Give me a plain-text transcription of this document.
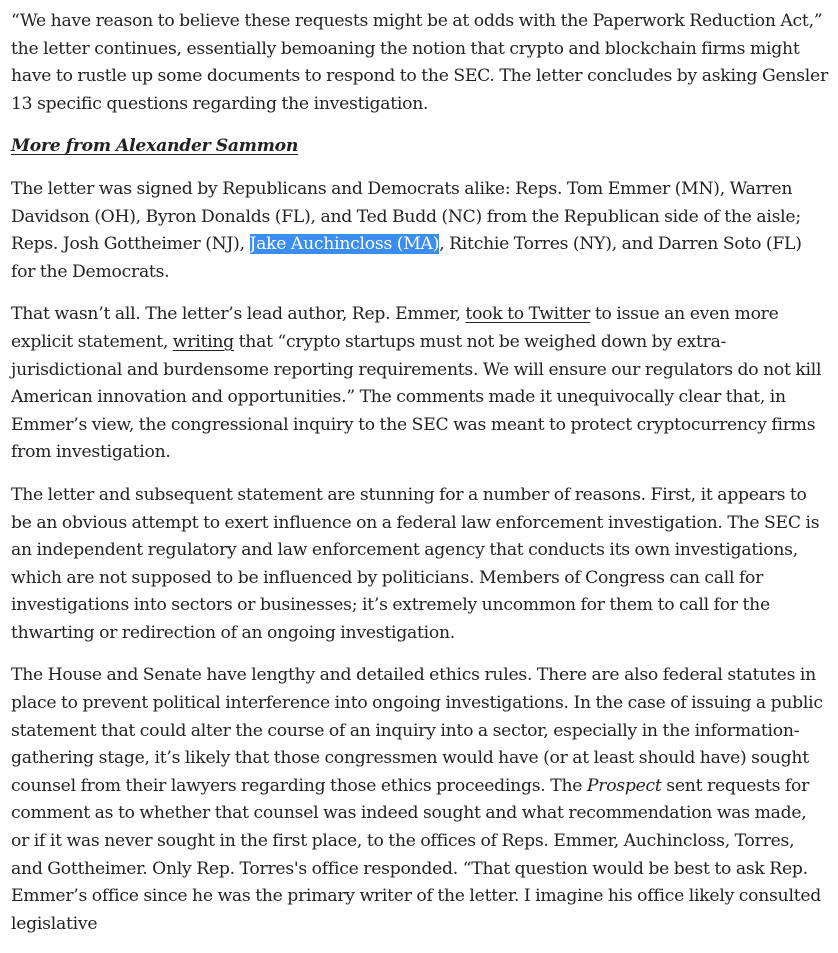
“We have reason to believe these requests might be at odds with the Paperwork Reduction Act,” the letter continues, essentially bemoaning the notion that crypto and blockchain firms might have to rustle up some documents to respond to the SEC. The letter concludes by asking Gensler 13 specific questions regarding the investigation.

More from Alexander Sammon

The letter was signed by Republicans and Democrats alike: Reps. Tom Emmer (MN), Warren Davidson (OH), Byron Donalds (FL), and Ted Budd (NC) from the Republican side of the aisle; Reps. Josh Gottheimer (NJ), Jake Auchincloss (MA), Ritchie Torres (NY), and Darren Soto (FL) for the Democrats.

That wasn’t all. The letter’s lead author, Rep. Emmer, took to Twitter to issue an even more explicit statement, writing that “crypto startups must not be weighed down by extra-jurisdictional and burdensome reporting requirements. We will ensure our regulators do not kill American innovation and opportunities.” The comments made it unequivocally clear that, in Emmer’s view, the congressional inquiry to the SEC was meant to protect cryptocurrency firms from investigation.

The letter and subsequent statement are stunning for a number of reasons. First, it appears to be an obvious attempt to exert influence on a federal law enforcement investigation. The SEC is an independent regulatory and law enforcement agency that conducts its own investigations, which are not supposed to be influenced by politicians. Members of Congress can call for investigations into sectors or businesses; it’s extremely uncommon for them to call for the thwarting or redirection of an ongoing investigation.

The House and Senate have lengthy and detailed ethics rules. There are also federal statutes in place to prevent political interference into ongoing investigations. In the case of issuing a public statement that could alter the course of an inquiry into a sector, especially in the information-gathering stage, it’s likely that those congressmen would have (or at least should have) sought counsel from their lawyers regarding those ethics proceedings. The Prospect sent requests for comment as to whether that counsel was indeed sought and what recommendation was made, or if it was never sought in the first place, to the offices of Reps. Emmer, Auchincloss, Torres, and Gottheimer. Only Rep. Torres's office responded. “That question would be best to ask Rep. Emmer’s office since he was the primary writer of the letter. I imagine his office likely consulted legislative
